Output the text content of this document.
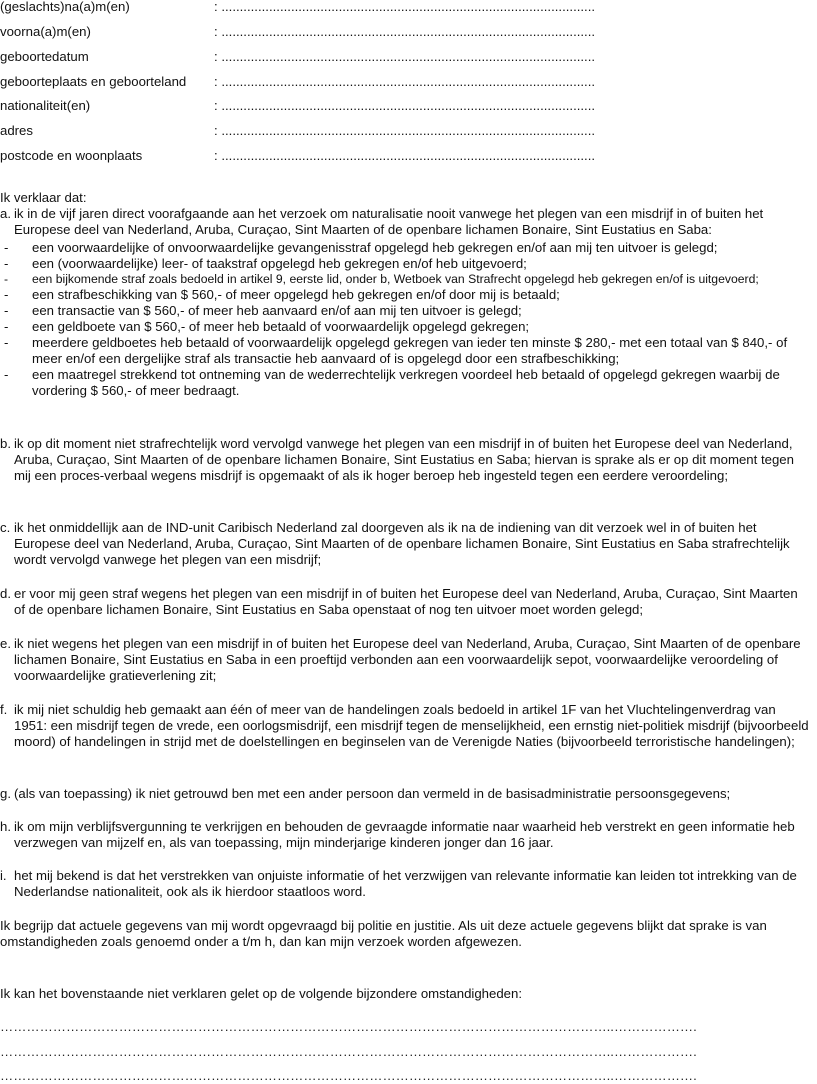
(geslachts)na(a)m(en)	: ......................................................................................................
voorna(a)m(en)	: ......................................................................................................
geboortedatum	: ......................................................................................................
geboorteplaats en geboorteland : ......................................................................................................
nationaliteit(en)	: ......................................................................................................
adres	: ......................................................................................................
postcode en woonplaats	: ......................................................................................................
Ik verklaar dat:
a. ik in de vijf jaren direct voorafgaande aan het verzoek om naturalisatie nooit vanwege het plegen van een misdrijf in of buiten het Europese deel van Nederland, Aruba, Curaçao, Sint Maarten of de openbare lichamen Bonaire, Sint Eustatius en Saba:
- een voorwaardelijke of onvoorwaardelijke gevangenisstraf opgelegd heb gekregen en/of aan mij ten uitvoer is gelegd;
- een (voorwaardelijke) leer- of taakstraf opgelegd heb gekregen en/of heb uitgevoerd;
- een bijkomende straf zoals bedoeld in artikel 9, eerste lid, onder b, Wetboek van Strafrecht opgelegd heb gekregen en/of is uitgevoerd;
- een strafbeschikking van $ 560,- of meer opgelegd heb gekregen en/of door mij is betaald;
- een transactie van $ 560,- of meer heb aanvaard en/of aan mij ten uitvoer is gelegd;
- een geldboete van $ 560,- of meer heb betaald of voorwaardelijk opgelegd gekregen;
- meerdere geldboetes heb betaald of voorwaardelijk opgelegd gekregen van ieder ten minste $ 280,- met een totaal van $ 840,- of meer en/of een dergelijke straf als transactie heb aanvaard of is opgelegd door een strafbeschikking;
- een maatregel strekkend tot ontneming van de wederrechtelijk verkregen voordeel heb betaald of opgelegd gekregen waarbij de vordering $ 560,- of meer bedraagt.
b. ik op dit moment niet strafrechtelijk word vervolgd vanwege het plegen van een misdrijf in of buiten het Europese deel van Nederland, Aruba, Curaçao, Sint Maarten of de openbare lichamen Bonaire, Sint Eustatius en Saba; hiervan is sprake als er op dit moment tegen mij een proces-verbaal wegens misdrijf is opgemaakt of als ik hoger beroep heb ingesteld tegen een eerdere veroordeling;
c. ik het onmiddellijk aan de IND-unit Caribisch Nederland zal doorgeven als ik na de indiening van dit verzoek wel in of buiten het Europese deel van Nederland, Aruba, Curaçao, Sint Maarten of de openbare lichamen Bonaire, Sint Eustatius en Saba strafrechtelijk wordt vervolgd vanwege het plegen van een misdrijf;
d. er voor mij geen straf wegens het plegen van een misdrijf in of buiten het Europese deel van Nederland, Aruba, Curaçao, Sint Maarten of de openbare lichamen Bonaire, Sint Eustatius en Saba openstaat of nog ten uitvoer moet worden gelegd;
e. ik niet wegens het plegen van een misdrijf in of buiten het Europese deel van Nederland, Aruba, Curaçao, Sint Maarten of de openbare lichamen Bonaire, Sint Eustatius en Saba in een proeftijd verbonden aan een voorwaardelijk sepot, voorwaardelijke veroordeling of voorwaardelijke gratieverlening zit;
f. ik mij niet schuldig heb gemaakt aan één of meer van de handelingen zoals bedoeld in artikel 1F van het Vluchtelingenverdrag van 1951: een misdrijf tegen de vrede, een oorlogsmisdrijf, een misdrijf tegen de menselijkheid, een ernstig niet-politiek misdrijf (bijvoorbeeld moord) of handelingen in strijd met de doelstellingen en beginselen van de Verenigde Naties (bijvoorbeeld terroristische handelingen);
g. (als van toepassing) ik niet getrouwd ben met een ander persoon dan vermeld in de basisadministratie persoonsgegevens;
h. ik om mijn verblijfsvergunning te verkrijgen en behouden de gevraagde informatie naar waarheid heb verstrekt en geen informatie heb verzwegen van mijzelf en, als van toepassing, mijn minderjarige kinderen jonger dan 16 jaar.
i. het mij bekend is dat het verstrekken van onjuiste informatie of het verzwijgen van relevante informatie kan leiden tot intrekking van de Nederlandse nationaliteit, ook als ik hierdoor staatloos word.
Ik begrijp dat actuele gegevens van mij wordt opgevraagd bij politie en justitie. Als uit deze actuele gegevens blijkt dat sprake is van omstandigheden zoals genoemd onder a t/m h, dan kan mijn verzoek worden afgewezen.
Ik kan het bovenstaande niet verklaren gelet op de volgende bijzondere omstandigheden:
…………………………………………………………………………………………………………………………..……………….
…………………………………………………………………………………………………………………………..……………….
…………………………………………………………………………………………………………………………..……………….
